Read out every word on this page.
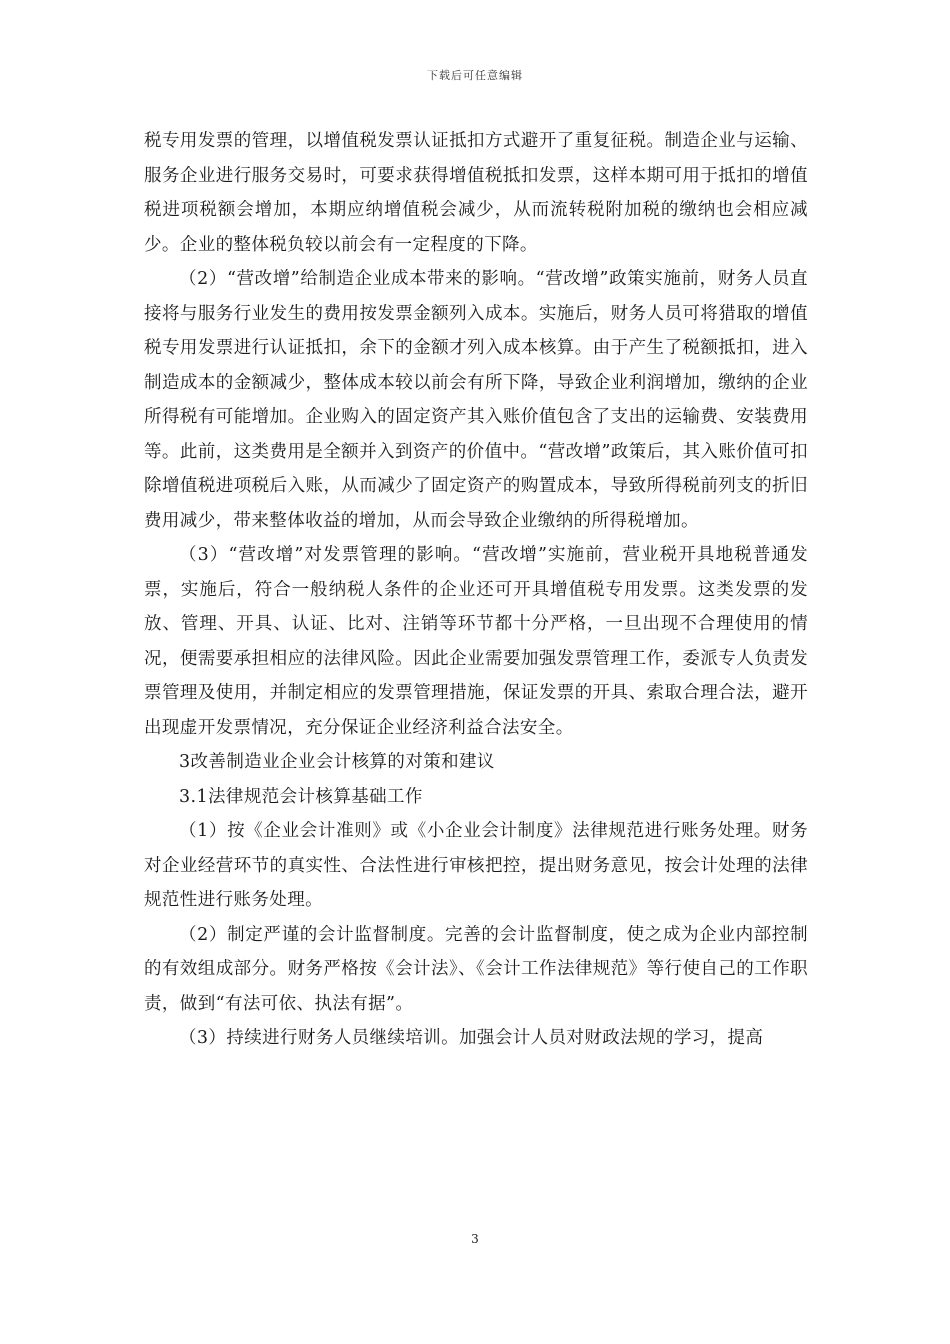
下载后可任意编辑

税专用发票的管理，以增值税发票认证抵扣方式避开了重复征税。制造企业与运输、服务企业进行服务交易时，可要求获得增值税抵扣发票，这样本期可用于抵扣的增值税进项税额会增加，本期应纳增值税会减少，从而流转税附加税的缴纳也会相应减少。企业的整体税负较以前会有一定程度的下降。

（2）“营改增”给制造企业成本带来的影响。“营改增”政策实施前，财务人员直接将与服务行业发生的费用按发票金额列入成本。实施后，财务人员可将猎取的增值税专用发票进行认证抵扣，余下的金额才列入成本核算。由于产生了税额抵扣，进入制造成本的金额减少，整体成本较以前会有所下降，导致企业利润增加，缴纳的企业所得税有可能增加。企业购入的固定资产其入账价值包含了支出的运输费、安装费用等。此前，这类费用是全额并入到资产的价值中。“营改增”政策后，其入账价值可扣除增值税进项税后入账，从而减少了固定资产的购置成本，导致所得税前列支的折旧费用减少，带来整体收益的增加，从而会导致企业缴纳的所得税增加。

（3）“营改增”对发票管理的影响。“营改增”实施前，营业税开具地税普通发票，实施后，符合一般纳税人条件的企业还可开具增值税专用发票。这类发票的发放、管理、开具、认证、比对、注销等环节都十分严格，一旦出现不合理使用的情况，便需要承担相应的法律风险。因此企业需要加强发票管理工作，委派专人负责发票管理及使用，并制定相应的发票管理措施，保证发票的开具、索取合理合法，避开出现虚开发票情况，充分保证企业经济利益合法安全。

3改善制造业企业会计核算的对策和建议

3.1法律规范会计核算基础工作

（1）按《企业会计准则》或《小企业会计制度》法律规范进行账务处理。财务对企业经营环节的真实性、合法性进行审核把控，提出财务意见，按会计处理的法律规范性进行账务处理。

（2）制定严谨的会计监督制度。完善的会计监督制度，使之成为企业内部控制的有效组成部分。财务严格按《会计法》、《会计工作法律规范》等行使自己的工作职责，做到“有法可依、执法有据”。

（3）持续进行财务人员继续培训。加强会计人员对财政法规的学习，提高

3
